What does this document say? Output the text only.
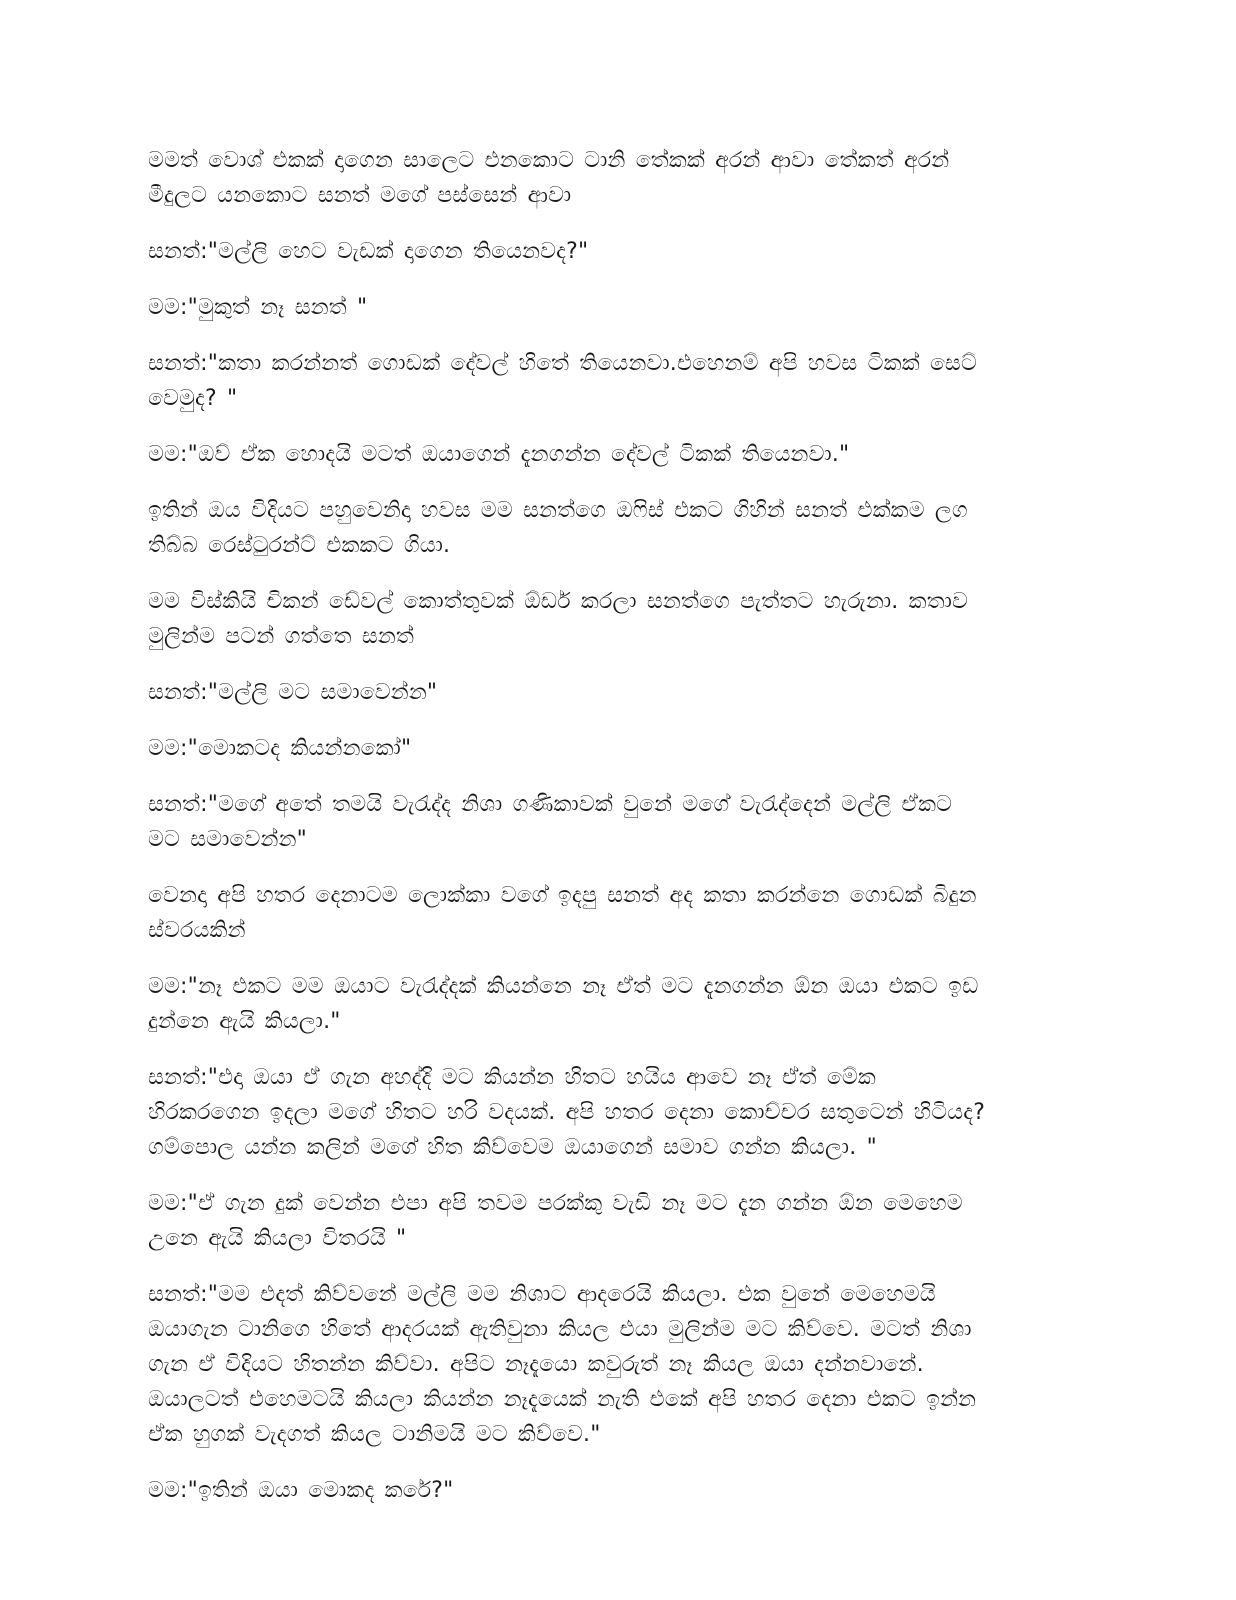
මමත් වොශ් එකක් දාගෙන සාලෙට එනකොට ටානි තේකක් අරන් ආවා තේකත් අරන්
මීදුලට යනකොට සනත් මගේ පස්සෙන් ආවා

සනත්:"මල්ලි හෙට වැඩක් දාගෙන තියෙනවද?"

මම:"මුකුත් නෑ සනත් "

සනත්:"කතා කරන්නත් ගොඩක් දේවල් හිතේ තියෙනවා.එහෙනම් අපි හවස ටිකක් සෙට්
වෙමුද? "

මම:"ඔව් ඒක හොදයි මටත් ඔයාගෙන් දැනගන්න දේවල් ටිකක් තියෙනවා."

ඉතින් ඔය විදියට පහුවෙනිදා හවස මම සනත්ගෙ ඔෆිස් එකට ගිහින් සනත් එක්කම ලග
තිබ්බ රෙස්ටුරන්ට් එකකට ගියා.

මම විස්කියි චිකන් ඩේවල් කොත්තුවක් ඕඩර් කරලා සනත්ගෙ පැත්තට හැරුනා. කතාව
මුලින්ම පටන් ගත්තෙ සනත්

සනත්:"මල්ලි මට සමාවෙන්න"

මම:"මොකටද කියන්නකෝ"

සනත්:"මගේ අතේ තමයි වැරැද්ද නිශා ගණිකාවක් වුනේ මගේ වැරැද්දෙන් මල්ලි ඒකට
මට සමාවෙන්න"

වෙනදා අපි හතර දෙනාටම ලොක්කා වගේ ඉදපු සනත් අද කතා කරන්නෙ ගොඩක් බිදුන
ස්වරයකින්

මම:"නෑ එකට මම ඔයාට වැරැද්දක් කියන්නෙ නෑ ඒත් මට දැනගන්න ඕන ඔයා එකට ඉඩ
දුන්නෙ ඇයි කියලා."

සනත්:"එදා ඔයා ඒ ගැන අහද්දි මට කියන්න හිතට හයිය ආවෙ නෑ ඒත් මේක
හිරකරගෙන ඉදලා මගේ හිතට හරි වදයක්. අපි හතර දෙනා කොච්චර සතුටෙන් හිටියද?
ගම්පොල යන්න කලින් මගේ හිත කිව්වෙම ඔයාගෙන් සමාව ගන්න කියලා. "

මම:"ඒ ගැන දුක් වෙන්න එපා අපි තවම පරක්කු වැඩි නෑ මට දැන ගන්න ඕන මෙහෙම
උනෙ ඇයි කියලා විතරයි "

සනත්:"මම එදත් කිව්වනේ මල්ලි මම නිශාට ආදරෙයි කියලා. එක වුනේ මෙහෙමයි
ඔයාගැන ටානිගෙ හිතේ ආදරයක් ඇතිවුනා කියල එයා මුලින්ම මට කිව්වෙ. මටත් නිශා
ගැන ඒ විදියට හිතන්න කිව්වා. අපිට නෑදැයො කවුරුත් නෑ කියල ඔයා දන්නවානේ.
ඔයාලටත් එහෙමටයි කියලා කියන්න නෑදැයෙක් නැති එකේ අපි හතර දෙනා එකට ඉන්න
ඒක හුගක් වැදගත් කියල ටානිමයි මට කිව්වෙ."

මම:"ඉතින් ඔයා මොකද කරේ?"
